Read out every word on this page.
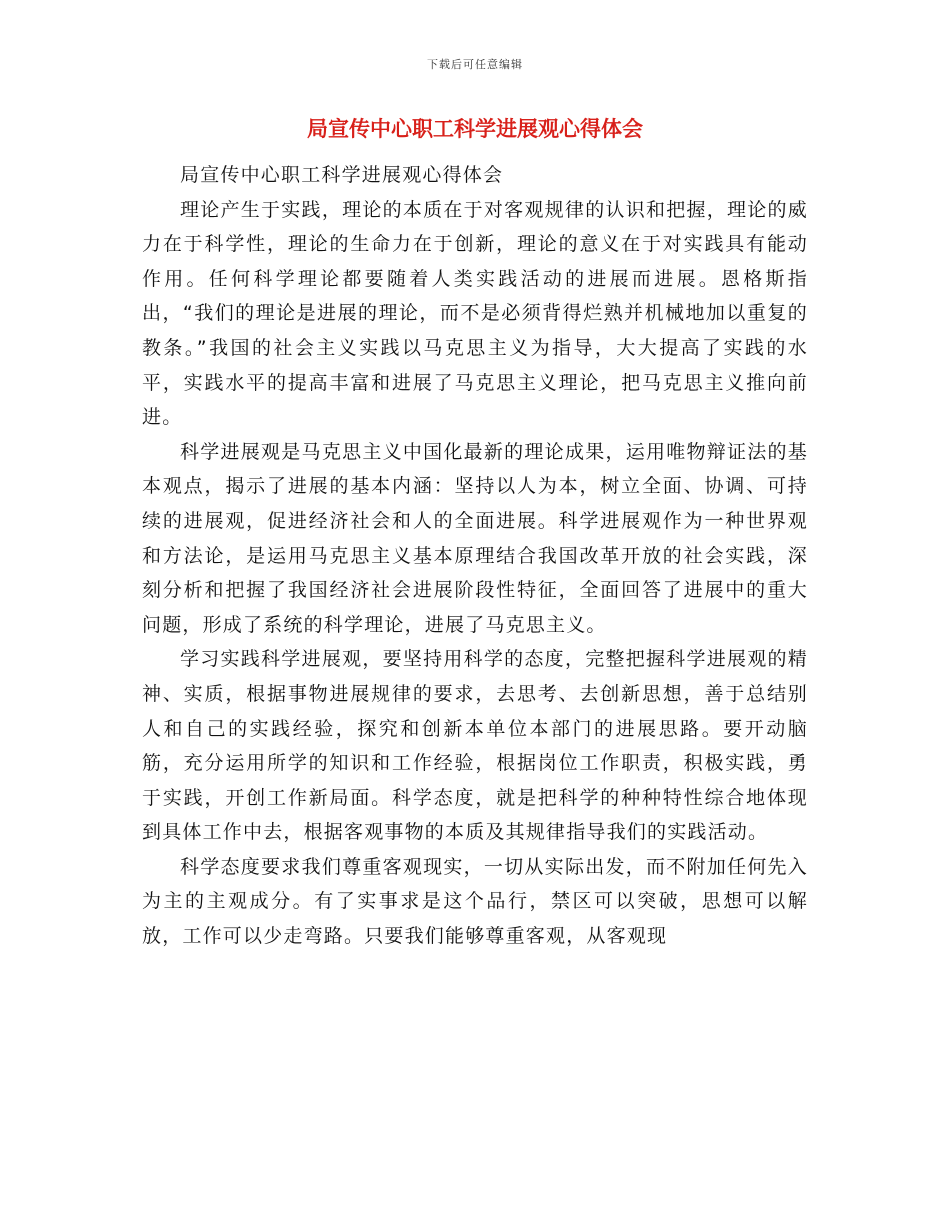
下载后可任意编辑
局宣传中心职工科学进展观心得体会

局宣传中心职工科学进展观心得体会

理论产生于实践，理论的本质在于对客观规律的认识和把握，理论的威力在于科学性，理论的生命力在于创新，理论的意义在于对实践具有能动作用。任何科学理论都要随着人类实践活动的进展而进展。恩格斯指出，“我们的理论是进展的理论，而不是必须背得烂熟并机械地加以重复的教条。”我国的社会主义实践以马克思主义为指导，大大提高了实践的水平，实践水平的提高丰富和进展了马克思主义理论，把马克思主义推向前进。

科学进展观是马克思主义中国化最新的理论成果，运用唯物辩证法的基本观点，揭示了进展的基本内涵：坚持以人为本，树立全面、协调、可持续的进展观，促进经济社会和人的全面进展。科学进展观作为一种世界观和方法论，是运用马克思主义基本原理结合我国改革开放的社会实践，深刻分析和把握了我国经济社会进展阶段性特征，全面回答了进展中的重大问题，形成了系统的科学理论，进展了马克思主义。

学习实践科学进展观，要坚持用科学的态度，完整把握科学进展观的精神、实质，根据事物进展规律的要求，去思考、去创新思想，善于总结别人和自己的实践经验，探究和创新本单位本部门的进展思路。要开动脑筋，充分运用所学的知识和工作经验，根据岗位工作职责，积极实践，勇于实践，开创工作新局面。科学态度，就是把科学的种种特性综合地体现到具体工作中去，根据客观事物的本质及其规律指导我们的实践活动。

科学态度要求我们尊重客观现实，一切从实际出发，而不附加任何先入为主的主观成分。有了实事求是这个品行，禁区可以突破，思想可以解放，工作可以少走弯路。只要我们能够尊重客观，从客观现
